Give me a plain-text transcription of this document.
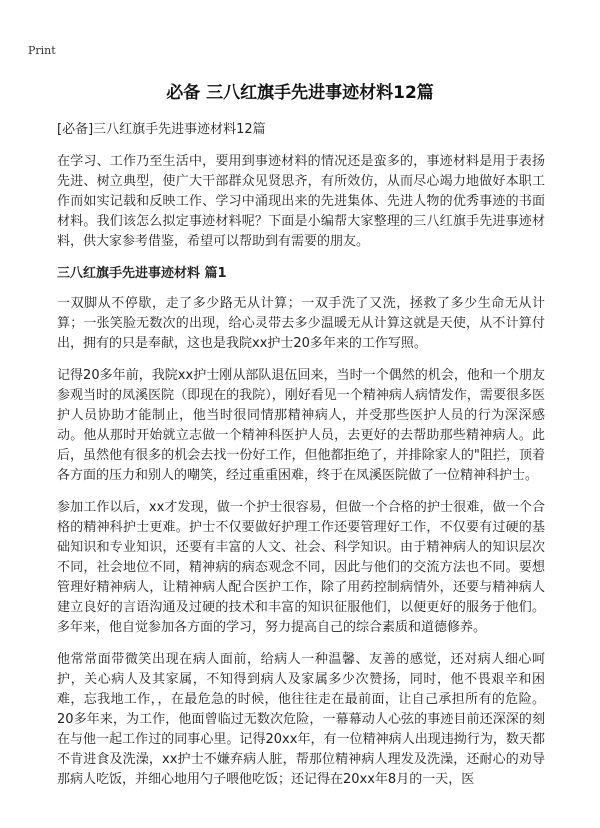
Print
必备 三八红旗手先进事迹材料12篇

[必备]三八红旗手先进事迹材料12篇

在学习、工作乃至生活中，要用到事迹材料的情况还是蛮多的，事迹材料是用于表扬先进、树立典型，使广大干部群众见贤思齐，有所效仿，从而尽心竭力地做好本职工作而如实记载和反映工作、学习中涌现出来的先进集体、先进人物的优秀事迹的书面材料。我们该怎么拟定事迹材料呢？下面是小编帮大家整理的三八红旗手先进事迹材料，供大家参考借鉴，希望可以帮助到有需要的朋友。

三八红旗手先进事迹材料 篇1

一双脚从不停歇，走了多少路无从计算；一双手洗了又洗，拯救了多少生命无从计算；一张笑脸无数次的出现，给心灵带去多少温暖无从计算这就是天使，从不计算付出，拥有的只是奉献，这也是我院xx护士20多年来的工作写照。

记得20多年前，我院xx护士刚从部队退伍回来，当时一个偶然的机会，他和一个朋友参观当时的凤溪医院（即现在的我院），刚好看见一个精神病人病情发作，需要很多医护人员协助才能制止，他当时很同情那精神病人，并受那些医护人员的行为深深感动。他从那时开始就立志做一个精神科医护人员，去更好的去帮助那些精神病人。此后，虽然他有很多的机会去找一份好工作，但他都拒绝了，并排除家人的"阻拦，顶着各方面的压力和别人的嘲笑，经过重重困难，终于在凤溪医院做了一位精神科护士。

参加工作以后，xx才发现，做一个护士很容易，但做一个合格的护士很难，做一个合格的精神科护士更难。护士不仅要做好护理工作还要管理好工作，不仅要有过硬的基础知识和专业知识，还要有丰富的人文、社会、科学知识。由于精神病人的知识层次不同，社会地位不同，精神病的病态观念不同，因此与他们的交流方法也不同。要想管理好精神病人，让精神病人配合医护工作，除了用药控制病情外，还要与精神病人建立良好的言语沟通及过硬的技术和丰富的知识征服他们，以便更好的服务于他们。多年来，他自觉参加各方面的学习，努力提高自己的综合素质和道德修养。

他常常面带微笑出现在病人面前，给病人一种温馨、友善的感觉，还对病人细心呵护，关心病人及其家属，不知得到病人及家属多少次赞扬，同时，他不畏艰辛和困难，忘我地工作，，在最危急的时候，他往往走在最前面，让自己承担所有的危险。20多年来，为工作，他面曾临过无数次危险，一幕幕动人心弦的事迹目前还深深的刻在与他一起工作过的同事心里。记得20xx年，有一位精神病人出现违拗行为，数天都不肯进食及洗澡，xx护士不嫌弃病人脏，帮那位精神病人理发及洗澡，还耐心的劝导那病人吃饭，并细心地用勺子喂他吃饭；还记得在20xx年8月的一天，医
